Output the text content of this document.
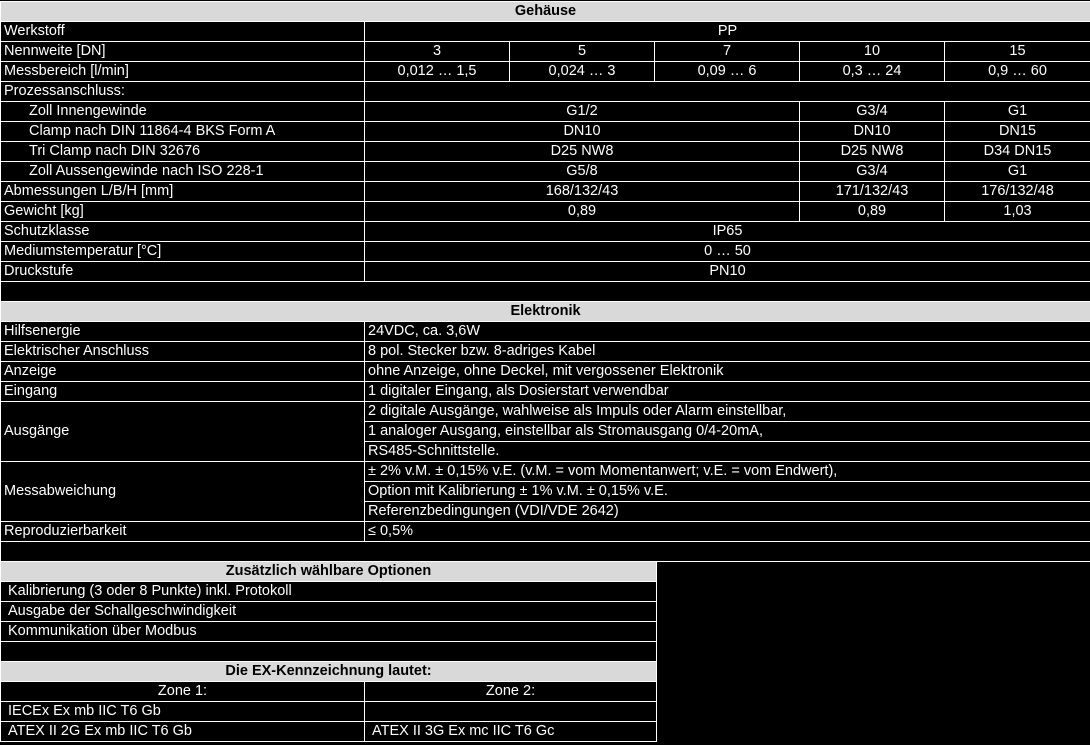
Gehäuse					
Werkstoff	PP				
Nennweite [DN]	3	5	7	10	15
Messbereich [l/min]	0,012 … 1,5	0,024 … 3	0,09 … 6	0,3 … 24	0,9 … 60
Prozessanschluss:					
Zoll Innengewinde	G1/2			G3/4	G1
Clamp nach DIN 11864-4 BKS Form A	DN10			DN10	DN15
Tri Clamp nach DIN 32676	D25 NW8			D25 NW8	D34 DN15
Zoll Aussengewinde nach ISO 228-1	G5/8			G3/4	G1
Abmessungen L/B/H [mm]	168/132/43			171/132/43	176/132/48
Gewicht [kg]	0,89			0,89	1,03
Schutzklasse	IP65				
Mediumstemperatur [°C]	0 … 50				
Druckstufe	PN10				

Elektronik					
Hilfsenergie	24VDC, ca. 3,6W				
Elektrischer Anschluss	8 pol. Stecker bzw. 8-adriges Kabel				
Anzeige	ohne Anzeige, ohne Deckel, mit vergossener Elektronik				
Eingang	1 digitaler Eingang, als Dosierstart verwendbar				
Ausgänge	2 digitale Ausgänge, wahlweise als Impuls oder Alarm einstellbar,				
	1 analoger Ausgang, einstellbar als Stromausgang 0/4-20mA,				
	RS485-Schnittstelle.				
Messabweichung	± 2% v.M. ± 0,15% v.E. (v.M. = vom Momentanwert; v.E. = vom Endwert),				
	Option mit Kalibrierung ± 1% v.M. ± 0,15% v.E.				
	Referenzbedingungen (VDI/VDE 2642)				
Reproduzierbarkeit	≤ 0,5%				

Zusätzlich wählbare Optionen	
Kalibrierung (3 oder 8 Punkte) inkl. Protokoll	
Ausgabe der Schallgeschwindigkeit	
Kommunikation über Modbus	

Die EX-Kennzeichnung lautet:	
Zone 1:	Zone 2:
IECEx Ex mb IIC T6 Gb	
ATEX II 2G Ex mb IIC T6 Gb	ATEX II 3G Ex mc IIC T6 Gc
